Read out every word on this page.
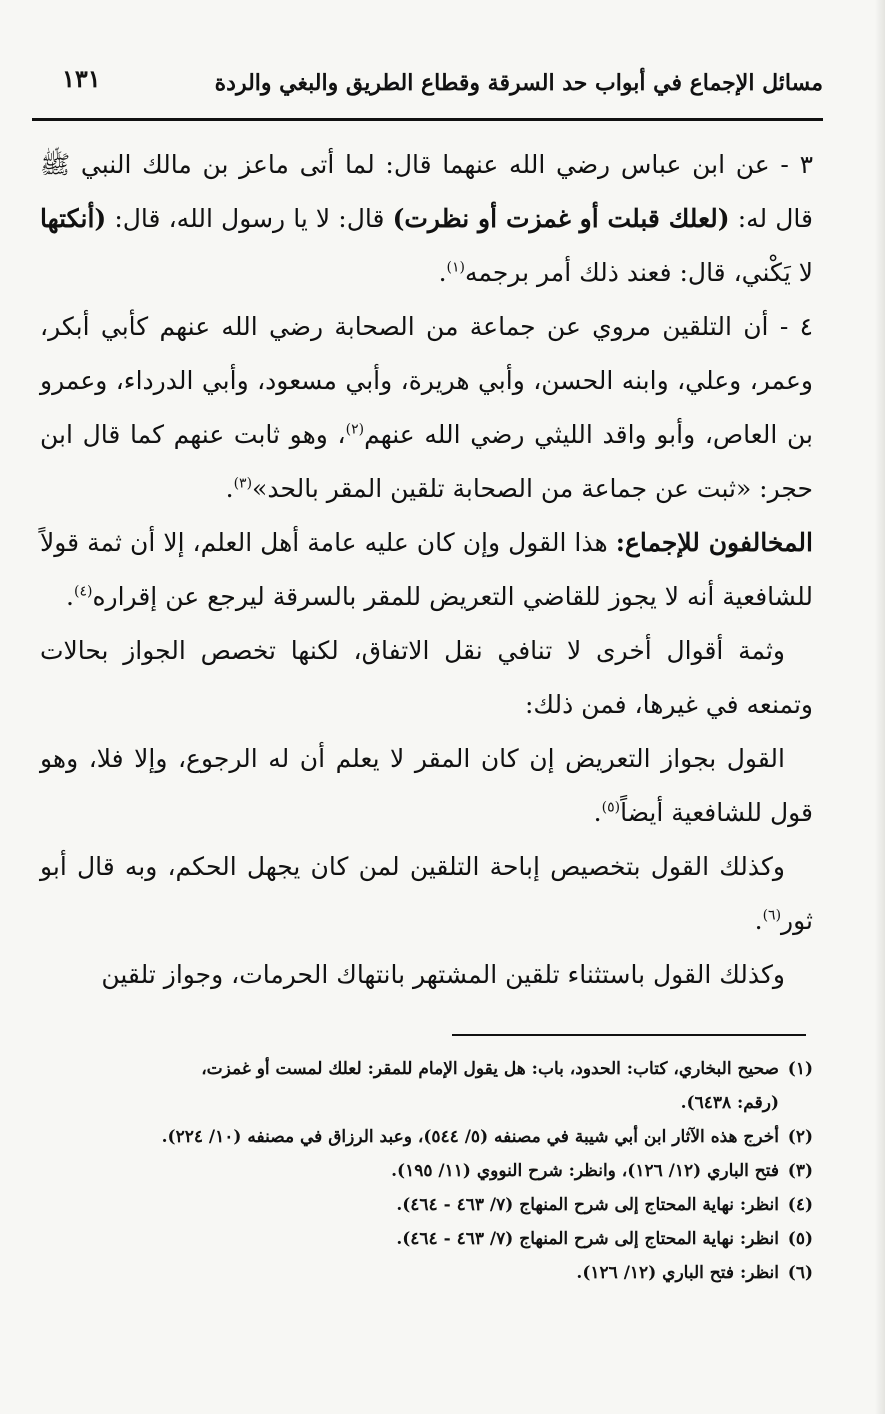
مسائل الإجماع في أبواب حد السرقة وقطاع الطريق والبغي والردة
١٣١

٣ - عن ابن عباس رضي الله عنهما قال: لما أتى ماعز بن مالك النبي ﷺ قال له: (لعلك قبلت أو غمزت أو نظرت) قال: لا يا رسول الله، قال: (أنكتها لا يَكْني، قال: فعند ذلك أمر برجمه$^{(١)}$.

٤ - أن التلقين مروي عن جماعة من الصحابة رضي الله عنهم كأبي أبكر، وعمر، وعلي، وابنه الحسن، وأبي هريرة، وأبي مسعود، وأبي الدرداء، وعمرو بن العاص، وأبو واقد الليثي رضي الله عنهم$^{(٢)}$، وهو ثابت عنهم كما قال ابن حجر: «ثبت عن جماعة من الصحابة تلقين المقر بالحد»$^{(٣)}$.

المخالفون للإجماع: هذا القول وإن كان عليه عامة أهل العلم، إلا أن ثمة قولاً للشافعية أنه لا يجوز للقاضي التعريض للمقر بالسرقة ليرجع عن إقراره$^{(٤)}$.

وثمة أقوال أخرى لا تنافي نقل الاتفاق، لكنها تخصص الجواز بحالات وتمنعه في غيرها، فمن ذلك:

القول بجواز التعريض إن كان المقر لا يعلم أن له الرجوع، وإلا فلا، وهو قول للشافعية أيضاً$^{(٥)}$.

وكذلك القول بتخصيص إباحة التلقين لمن كان يجهل الحكم، وبه قال أبو ثور$^{(٦)}$.

وكذلك القول باستثناء تلقين المشتهر بانتهاك الحرمات، وجواز تلقين

(١)صحيح البخاري، كتاب: الحدود، باب: هل يقول الإمام للمقر: لعلك لمست أو غمزت،

(رقم: ٦٤٣٨).

(٢)أخرج هذه الآثار ابن أبي شيبة في مصنفه (٥/ ٥٤٤)، وعبد الرزاق في مصنفه (١٠/ ٢٢٤).

(٣)فتح الباري (١٢/ ١٢٦)، وانظر: شرح النووي (١١/ ١٩٥).

(٤)انظر: نهاية المحتاج إلى شرح المنهاج (٧/ ٤٦٣ - ٤٦٤).

(٥)انظر: نهاية المحتاج إلى شرح المنهاج (٧/ ٤٦٣ - ٤٦٤).

(٦)انظر: فتح الباري (١٢/ ١٢٦).
